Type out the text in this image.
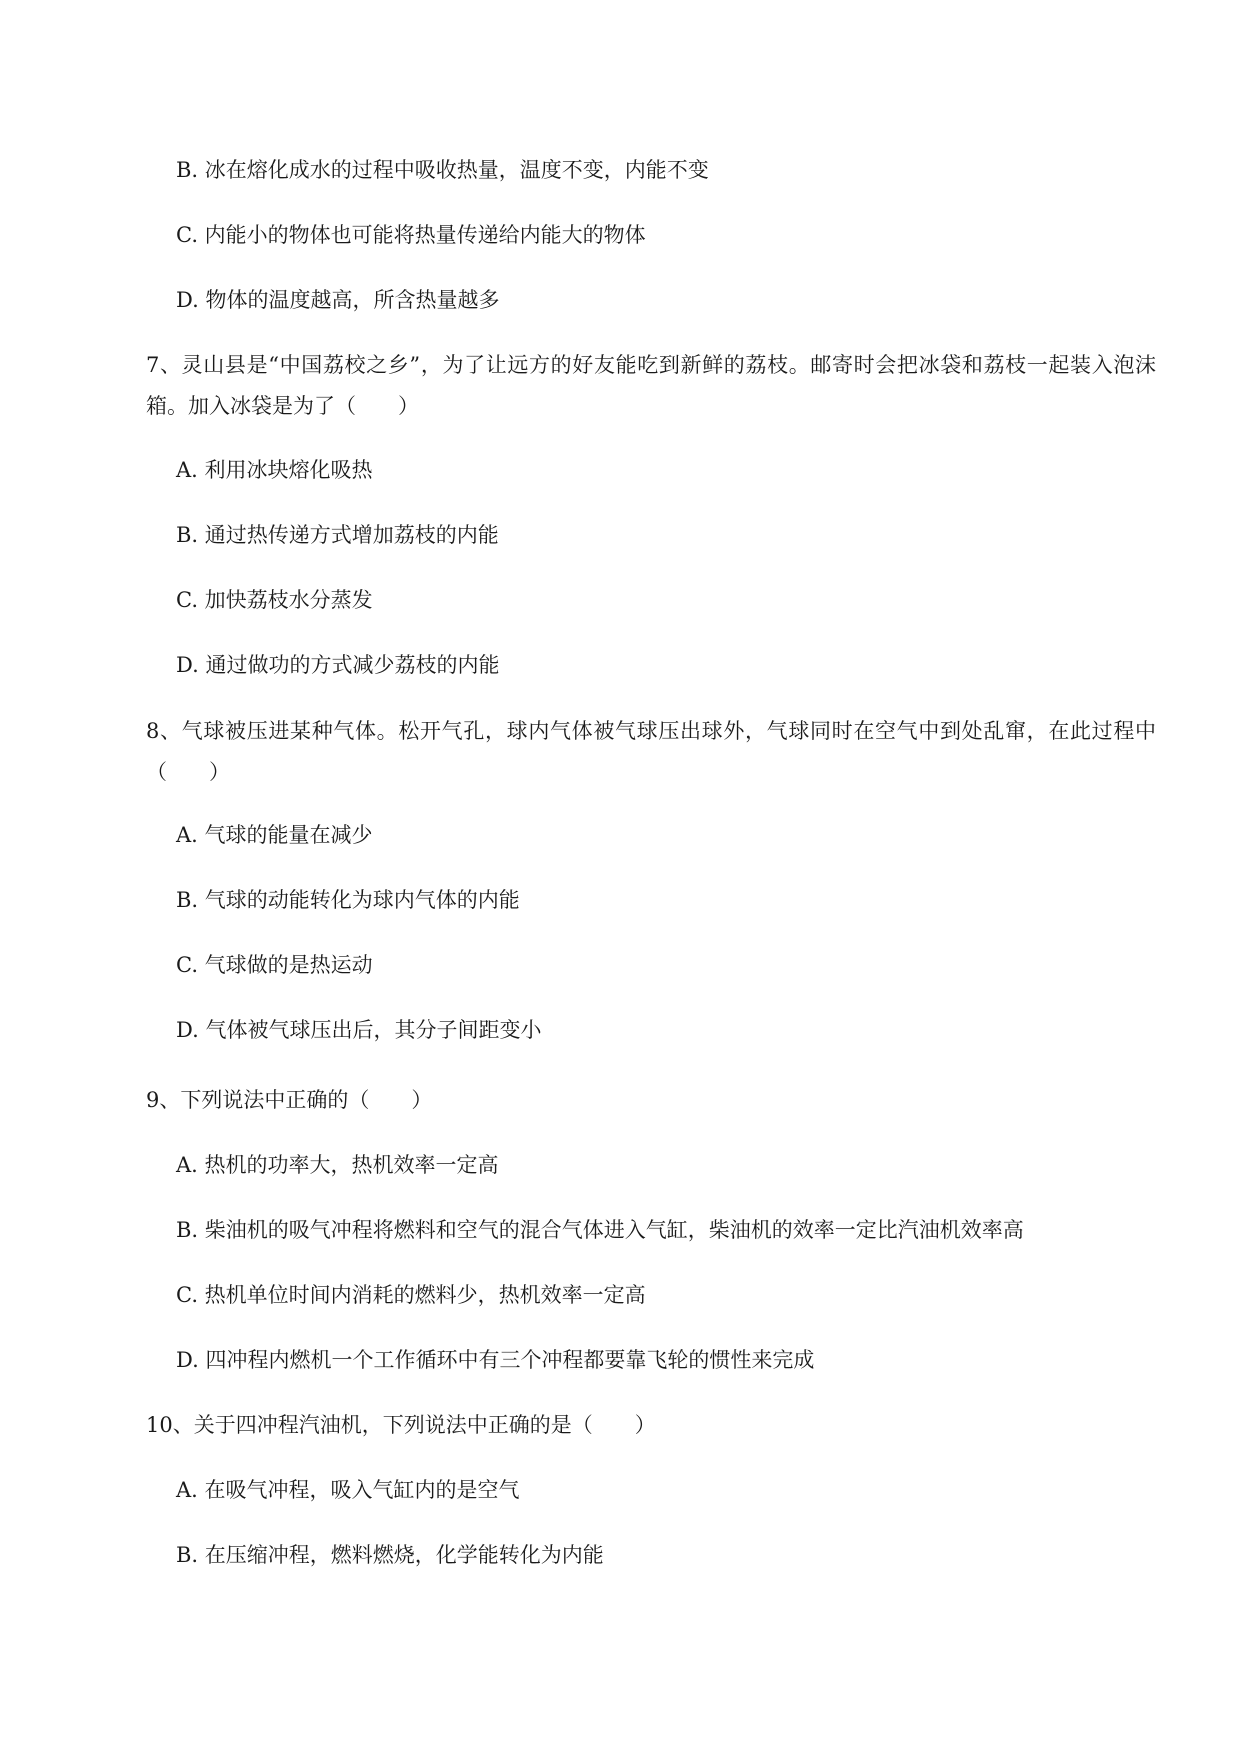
B. 冰在熔化成水的过程中吸收热量，温度不变，内能不变
C. 内能小的物体也可能将热量传递给内能大的物体
D. 物体的温度越高，所含热量越多
7、灵山县是“中国荔校之乡”，为了让远方的好友能吃到新鲜的荔枝。邮寄时会把冰袋和荔枝一起装入泡沫箱。加入冰袋是为了（　　）
A. 利用冰块熔化吸热
B. 通过热传递方式增加荔枝的内能
C. 加快荔枝水分蒸发
D. 通过做功的方式减少荔枝的内能
8、气球被压进某种气体。松开气孔，球内气体被气球压出球外，气球同时在空气中到处乱窜，在此过程中（　　）
A. 气球的能量在减少
B. 气球的动能转化为球内气体的内能
C. 气球做的是热运动
D. 气体被气球压出后，其分子间距变小
9、下列说法中正确的（　　）
A. 热机的功率大，热机效率一定高
B. 柴油机的吸气冲程将燃料和空气的混合气体进入气缸，柴油机的效率一定比汽油机效率高
C. 热机单位时间内消耗的燃料少，热机效率一定高
D. 四冲程内燃机一个工作循环中有三个冲程都要靠飞轮的惯性来完成
10、关于四冲程汽油机，下列说法中正确的是（　　）
A. 在吸气冲程，吸入气缸内的是空气
B. 在压缩冲程，燃料燃烧，化学能转化为内能
